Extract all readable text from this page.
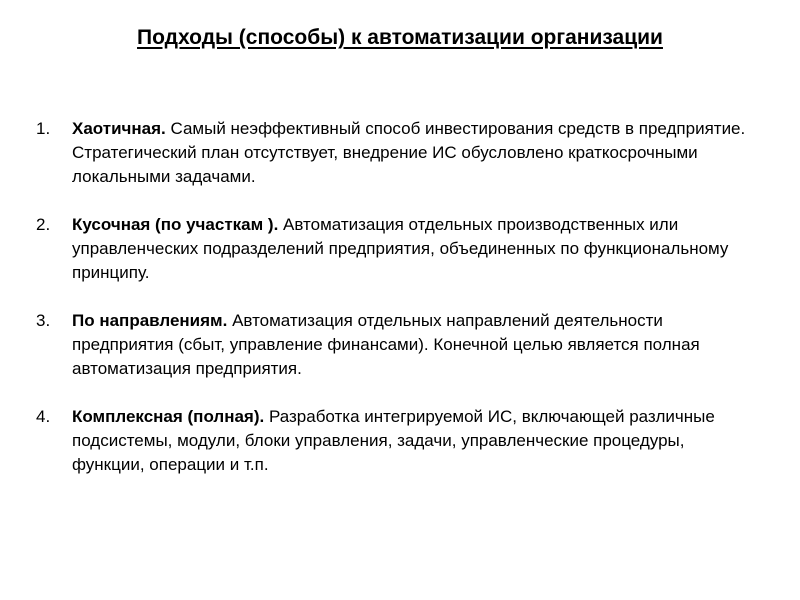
Подходы (способы) к автоматизации организации
1.	Хаотичная. Самый неэффективный способ инвестирования средств в предприятие. Стратегический план отсутствует, внедрение ИС обусловлено краткосрочными локальными задачами.
2.	Кусочная (по участкам ). Автоматизация отдельных производственных или управленческих подразделений предприятия, объединенных по функциональному принципу.
3.	По направлениям. Автоматизация отдельных направлений деятельности предприятия (сбыт, управление финансами). Конечной целью является полная автоматизация предприятия.
4.	Комплексная (полная). Разработка интегрируемой ИС, включающей различные подсистемы, модули, блоки управления, задачи, управленческие процедуры, функции, операции и т.п.
